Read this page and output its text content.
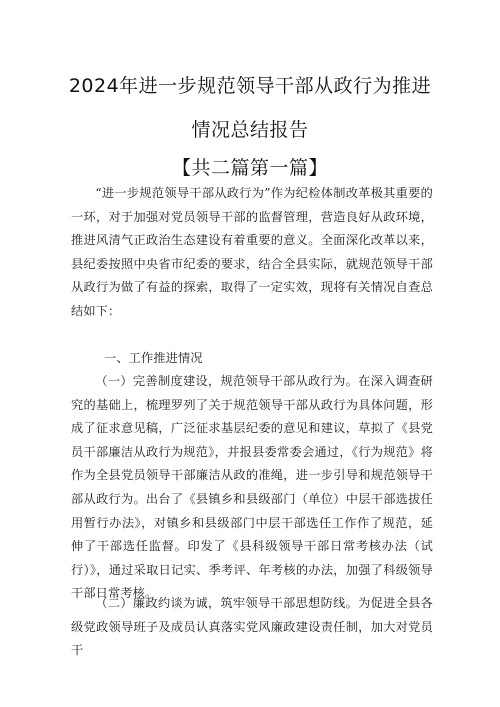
2024年进一步规范领导干部从政行为推进
情况总结报告
【共二篇第一篇】
“进一步规范领导干部从政行为”作为纪检体制改革极其重要的一环，对于加强对党员领导干部的监督管理，营造良好从政环境，推进风清气正政治生态建设有着重要的意义。全面深化改革以来，县纪委按照中央省市纪委的要求，结合全县实际，就规范领导干部从政行为做了有益的探索，取得了一定实效，现将有关情况自查总结如下：
一、工作推进情况
（一）完善制度建设，规范领导干部从政行为。在深入调查研究的基础上，梳理罗列了关于规范领导干部从政行为具体问题，形成了征求意见稿，广泛征求基层纪委的意见和建议，草拟了《县党员干部廉洁从政行为规范》，并报县委常委会通过，《行为规范》将作为全县党员领导干部廉洁从政的准绳，进一步引导和规范领导干部从政行为。出台了《县镇乡和县级部门（单位）中层干部选拔任用暂行办法》，对镇乡和县级部门中层干部选任工作作了规范，延伸了干部选任监督。印发了《县科级领导干部日常考核办法（试行）》，通过采取日记实、季考评、年考核的办法，加强了科级领导干部日常考核。
（二）廉政约谈为诚，筑牢领导干部思想防线。为促进全县各级党政领导班子及成员认真落实党风廉政建设责任制，加大对党员干
